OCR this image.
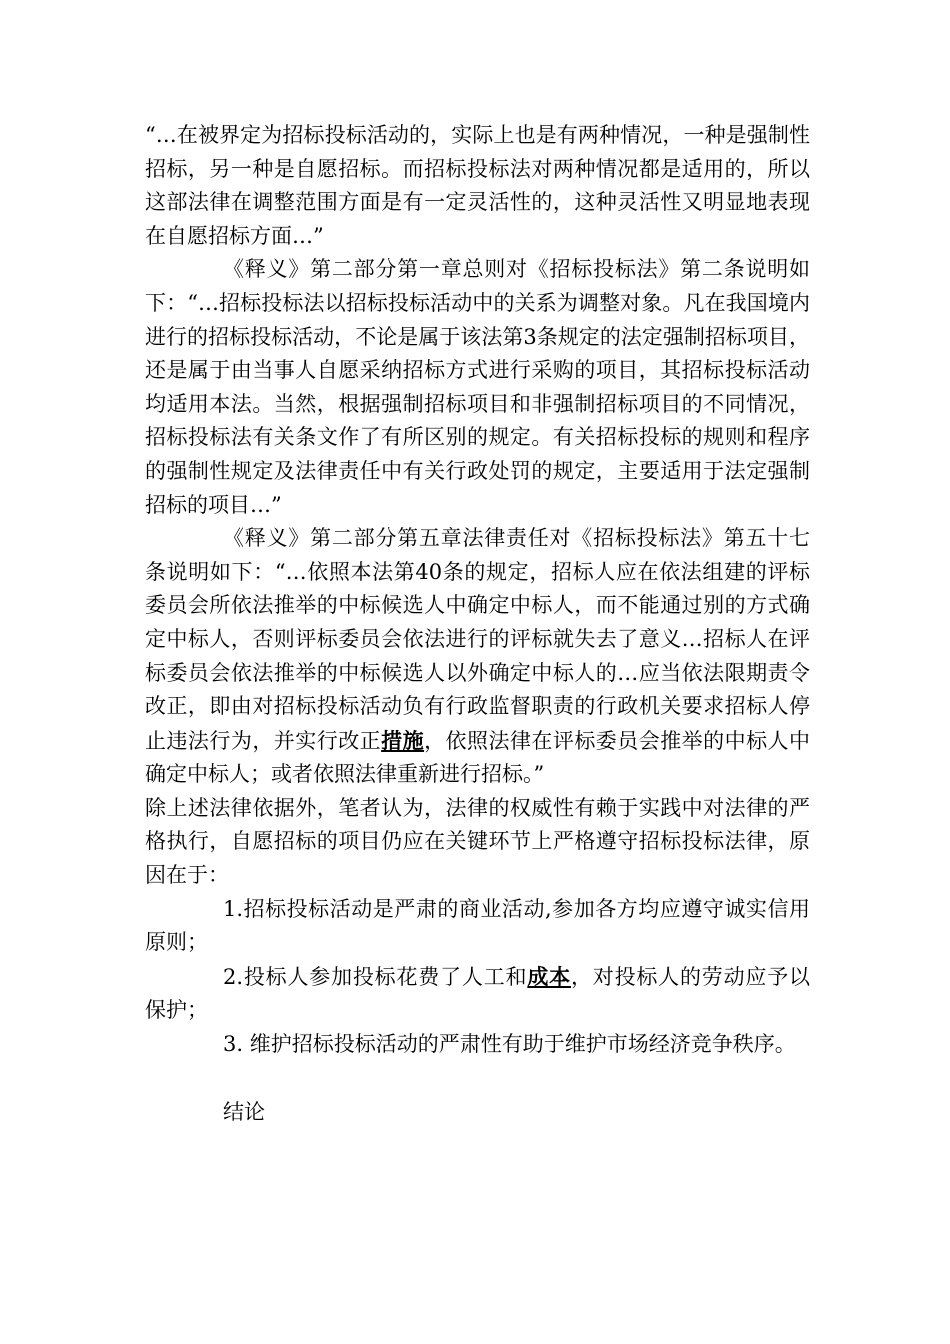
“…在被界定为招标投标活动的，实际上也是有两种情况，一种是强制性招标，另一种是自愿招标。而招标投标法对两种情况都是适用的，所以这部法律在调整范围方面是有一定灵活性的，这种灵活性又明显地表现在自愿招标方面…”

《释义》第二部分第一章总则对《招标投标法》第二条说明如下：“…招标投标法以招标投标活动中的关系为调整对象。凡在我国境内进行的招标投标活动，不论是属于该法第3条规定的法定强制招标项目，还是属于由当事人自愿采纳招标方式进行采购的项目，其招标投标活动均适用本法。当然，根据强制招标项目和非强制招标项目的不同情况，招标投标法有关条文作了有所区别的规定。有关招标投标的规则和程序的强制性规定及法律责任中有关行政处罚的规定，主要适用于法定强制招标的项目…”

《释义》第二部分第五章法律责任对《招标投标法》第五十七条说明如下：“…依照本法第40条的规定，招标人应在依法组建的评标委员会所依法推举的中标候选人中确定中标人，而不能通过别的方式确定中标人，否则评标委员会依法进行的评标就失去了意义…招标人在评标委员会依法推举的中标候选人以外确定中标人的…应当依法限期责令改正，即由对招标投标活动负有行政监督职责的行政机关要求招标人停止违法行为，并实行改正措施，依照法律在评标委员会推举的中标人中确定中标人；或者依照法律重新进行招标。”

除上述法律依据外，笔者认为，法律的权威性有赖于实践中对法律的严格执行，自愿招标的项目仍应在关键环节上严格遵守招标投标法律，原因在于：

1.招标投标活动是严肃的商业活动,参加各方均应遵守诚实信用原则；

2.投标人参加投标花费了人工和成本，对投标人的劳动应予以保护；

3. 维护招标投标活动的严肃性有助于维护市场经济竞争秩序。

结论
